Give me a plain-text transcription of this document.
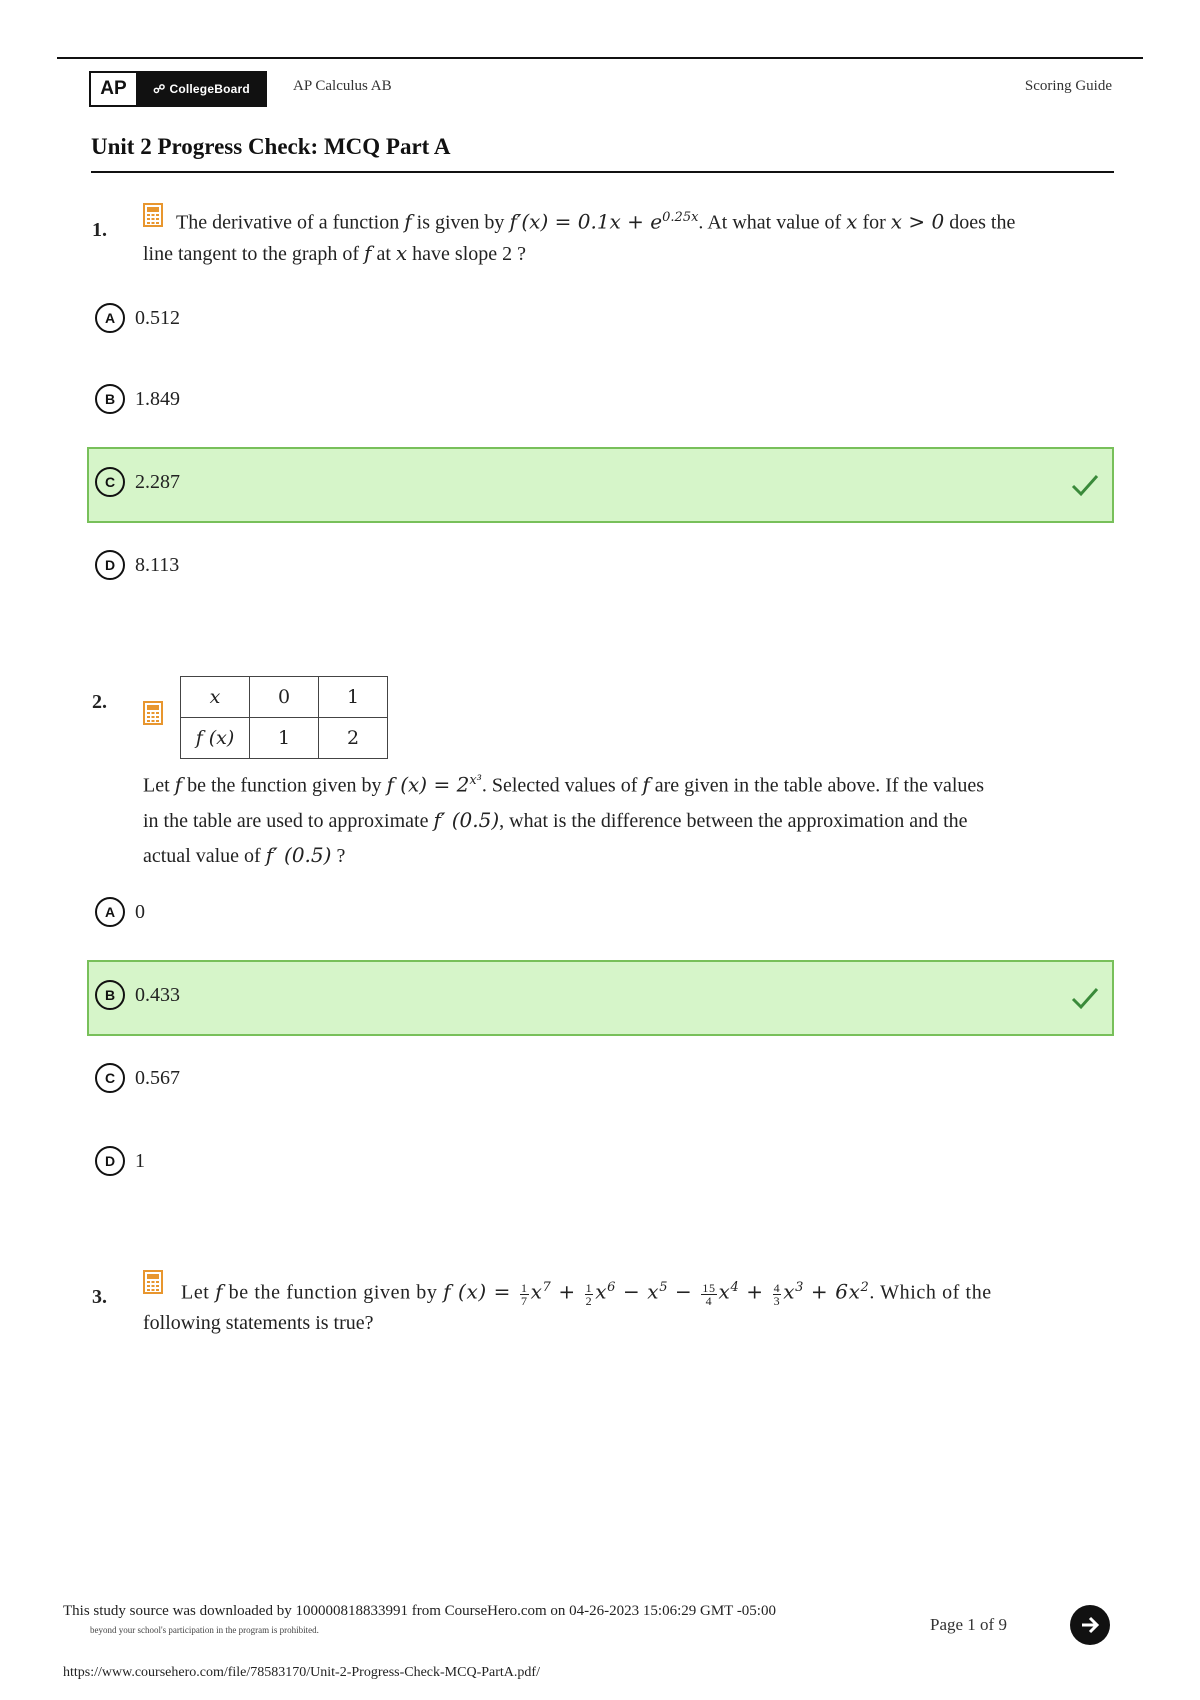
AP	☍ CollegeBoard	AP Calculus AB	Scoring Guide
Unit 2 Progress Check: MCQ Part A
1.	The derivative of a function f is given by $f'(x) = 0.1x + e^{0.25x}$. At what value of x for x > 0 does the
line tangent to the graph of f at x have slope 2 ?
A 0.512
B 1.849
C 2.287
D 8.113
2.	x	0	1
f (x)	1	2
Let f be the function given by f $(x) = 2^{x^3}$. Selected values of f are given in the table above. If the values
in the table are used to approximate f′ (0.5), what is the difference between the approximation and the
actual value of f′ (0.5) ?
A 0
B 0.433
C 0.567
D 1
3.	Let f be the function given by f $(x) = \frac{1}{7} x^7 + \frac{1}{2} x^6 - x^5 - \frac{15}{4} x^4 + \frac{4}{3} x^3 + 6x^2$. Which of the
following statements is true?
This study source was downloaded by 100000818833991 from CourseHero.com on 04-26-2023 15:06:29 GMT -05:00
beyond your school's participation in the program is prohibited.	Page 1 of 9
https://www.coursehero.com/file/78583170/Unit-2-Progress-Check-MCQ-PartA.pdf/
